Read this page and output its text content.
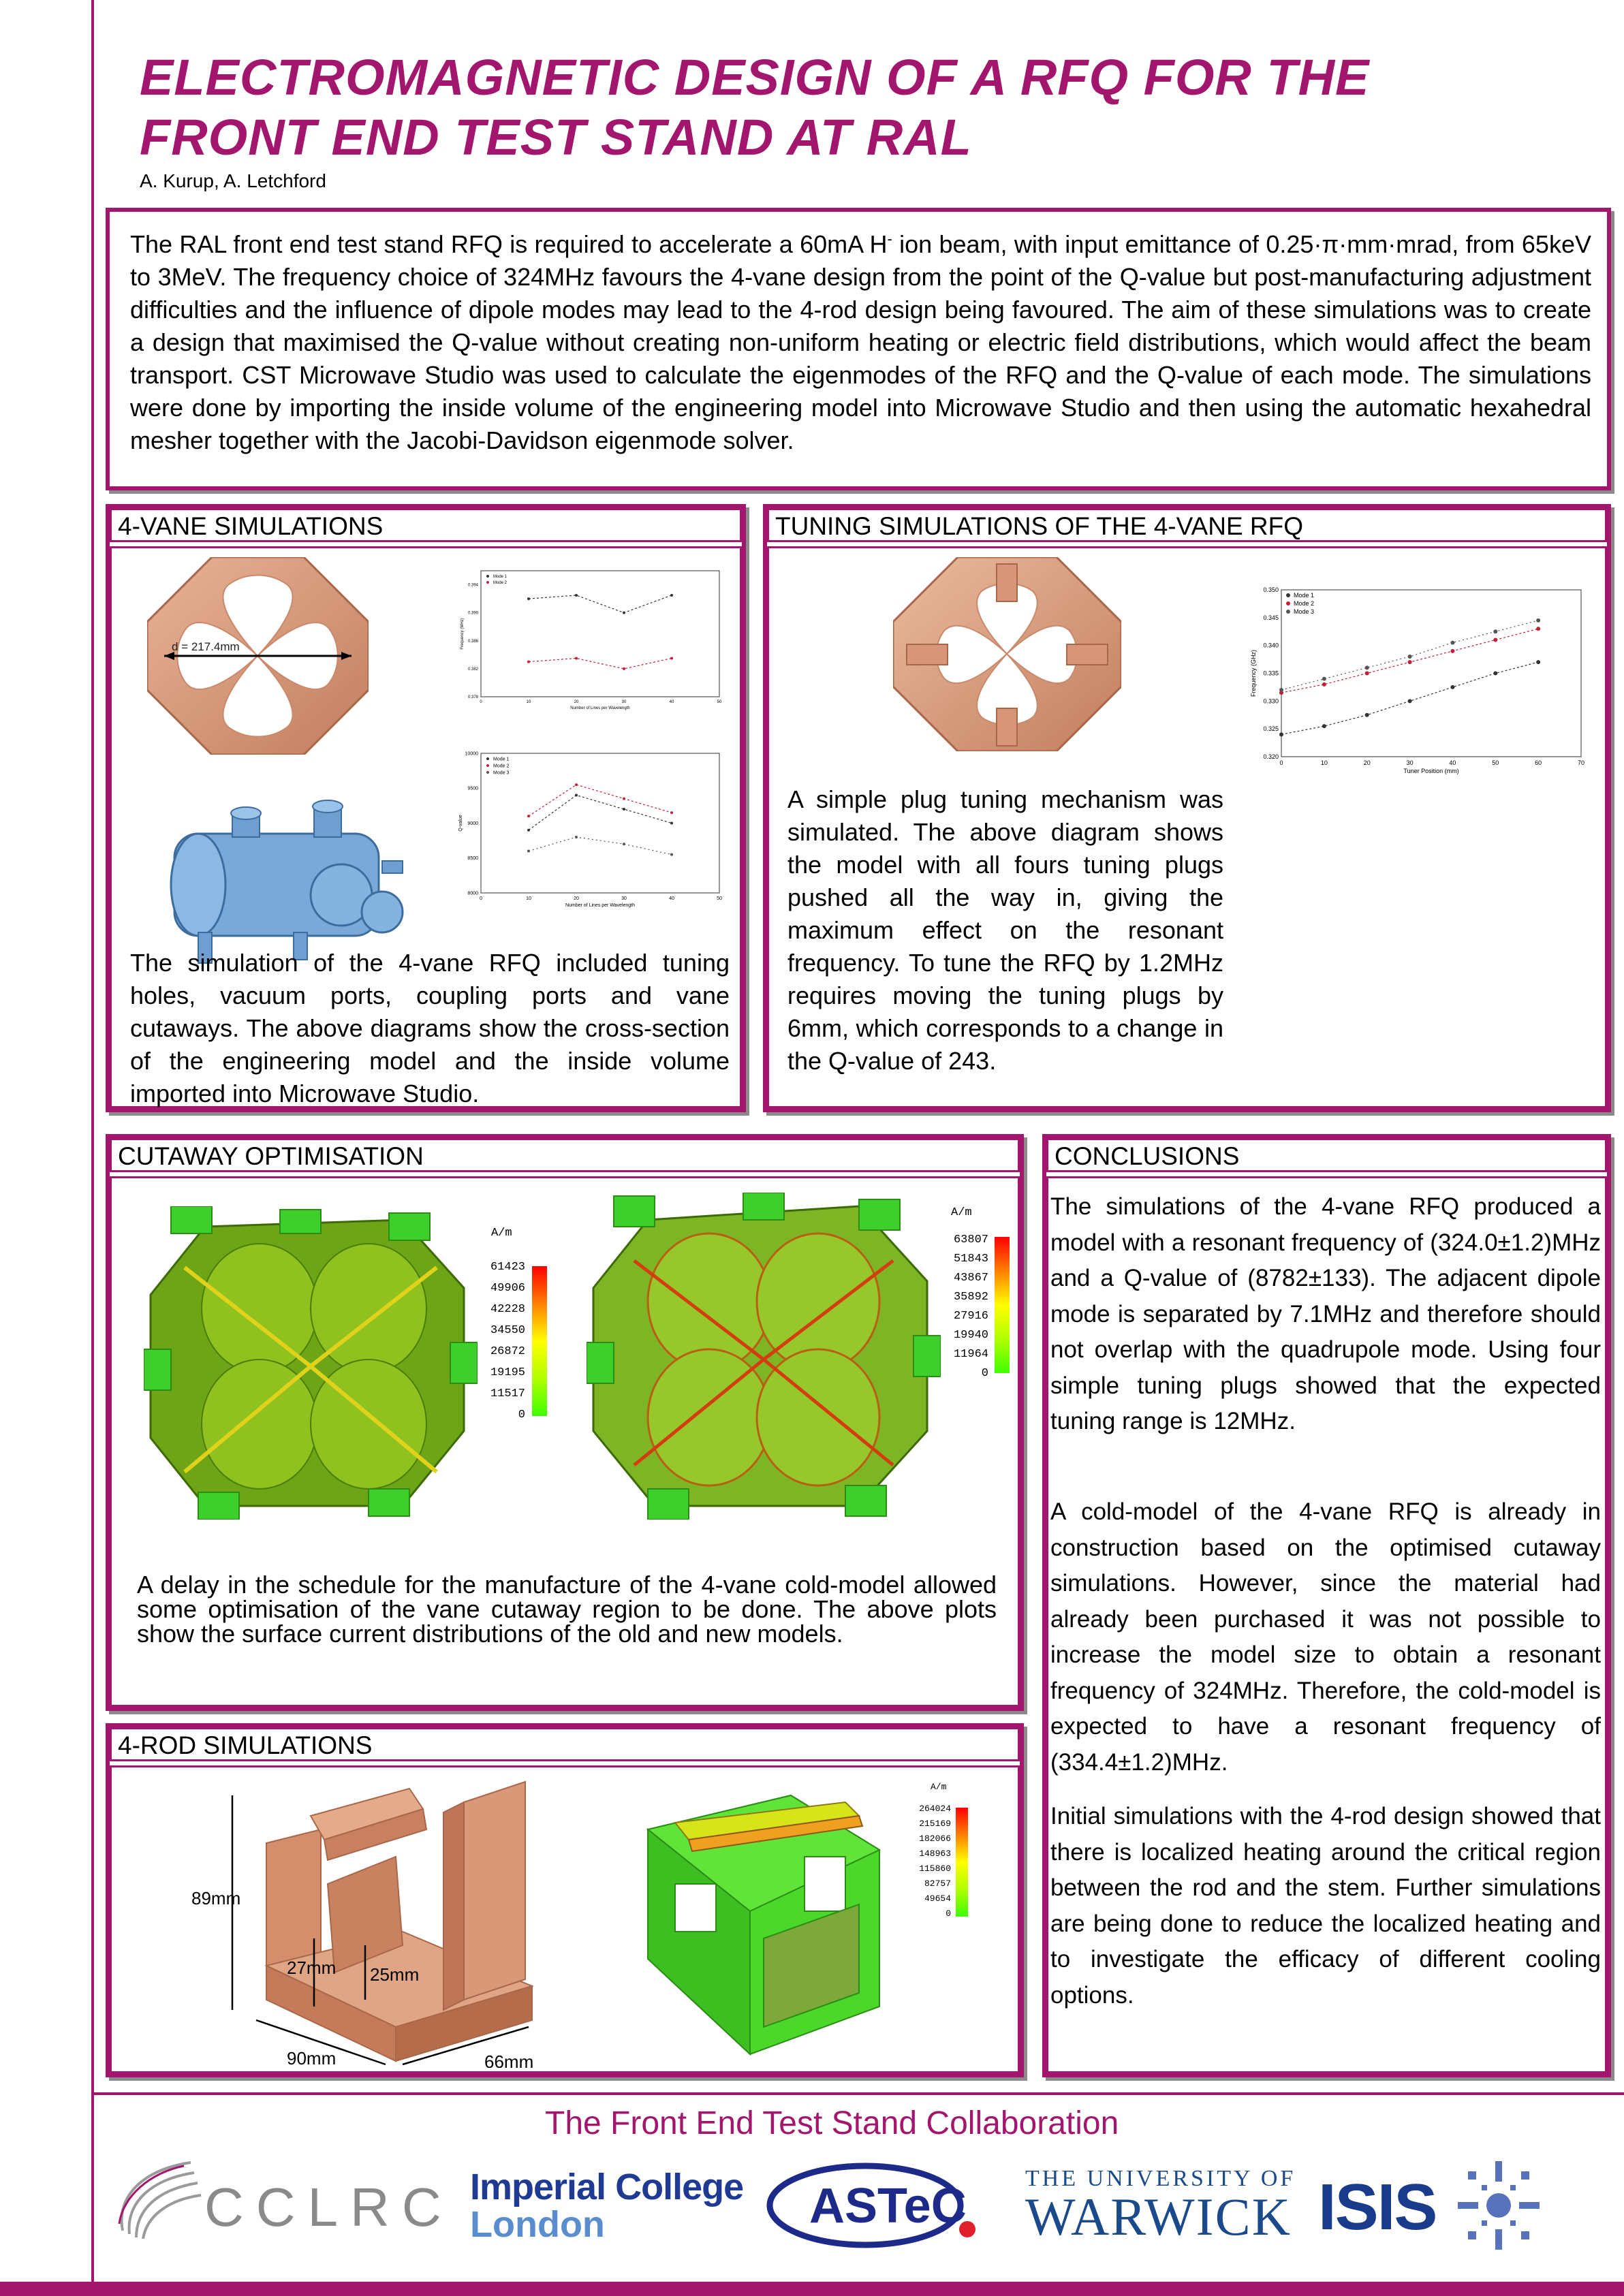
ELECTROMAGNETIC DESIGN OF A RFQ FOR THE
FRONT END TEST STAND AT RAL
A. Kurup, A. Letchford

The RAL front end test stand RFQ is required to accelerate a 60mA H- ion beam, with input emittance of 0.25·π·mm·mrad, from 65keV to 3MeV. The frequency choice of 324MHz favours the 4-vane design from the point of the Q-value but post-manufacturing adjustment difficulties and the influence of dipole modes may lead to the 4-rod design being favoured. The aim of these simulations was to create a design that maximised the Q-value without creating non-uniform heating or electric field distributions, which would affect the beam transport. CST Microwave Studio was used to calculate the eigenmodes of the RFQ and the Q-value of each mode. The simulations were done by importing the inside volume of the engineering model into Microwave Studio and then using the automatic hexahedral mesher together with the Jacobi-Davidson eigenmode solver.

4-VANE SIMULATIONS
d = 217.4mm
0	10	20	30	40	50
0.378
0.382
0.386
0.390
0.394
Number of Lines per Wavelength
Frequency (MHz)
Mode 1
Mode 2
0	10	20	30	40	50
8000
8500
9000
9500
10000
Number of Lines per Wavelength
Q-value
Mode 1
Mode 2
Mode 3
The simulation of the 4-vane RFQ included tuning holes, vacuum ports, coupling ports and vane cutaways. The above diagrams show the cross-section of the engineering model and the inside volume imported into Microwave Studio.
TUNING SIMULATIONS OF THE 4-VANE RFQ
0	10	20	30	40	50	60	70
0.320
0.325
0.330
0.335
0.340
0.345
0.350
Tuner Position (mm)
Frequency (GHz)
Mode 1
Mode 2
Mode 3
A simple plug tuning mechanism was simulated. The above diagram shows the model with all fours tuning plugs pushed all the way in, giving the maximum effect on the resonant frequency. To tune the RFQ by 1.2MHz requires moving the tuning plugs by 6mm, which corresponds to a change in the Q-value of 243.
CUTAWAY OPTIMISATION
A/m
61423
49906
42228
34550
26872
19195
11517
0
A/m
63807
51843
43867
35892
27916
19940
11964
0
A delay in the schedule for the manufacture of the 4-vane cold-model allowed some optimisation of the vane cutaway region to be done. The above plots show the surface current distributions of the old and new models.
4-ROD SIMULATIONS
89mm
27mm 25mm
90mm	66mm
A/m
264024
215169
182066
148963
115860
82757
49654
0
CONCLUSIONS
The simulations of the 4-vane RFQ produced a model with a resonant frequency of (324.0±1.2)MHz and a Q-value of (8782±133). The adjacent dipole mode is separated by 7.1MHz and therefore should not overlap with the quadrupole mode. Using four simple tuning plugs showed that the expected tuning range is 12MHz.
A cold-model of the 4-vane RFQ is already in construction based on the optimised cutaway simulations. However, since the material had already been purchased it was not possible to increase the model size to obtain a resonant frequency of 324MHz. Therefore, the cold-model is expected to have a resonant frequency of (334.4±1.2)MHz.
Initial simulations with the 4-rod design showed that there is localized heating around the critical region between the rod and the stem. Further simulations are being done to reduce the localized heating and to investigate the efficacy of different cooling options.
The Front End Test Stand Collaboration
CCLRC Imperial College
London	ASTeC
THE UNIVERSITY OF
WARWICK ISIS
